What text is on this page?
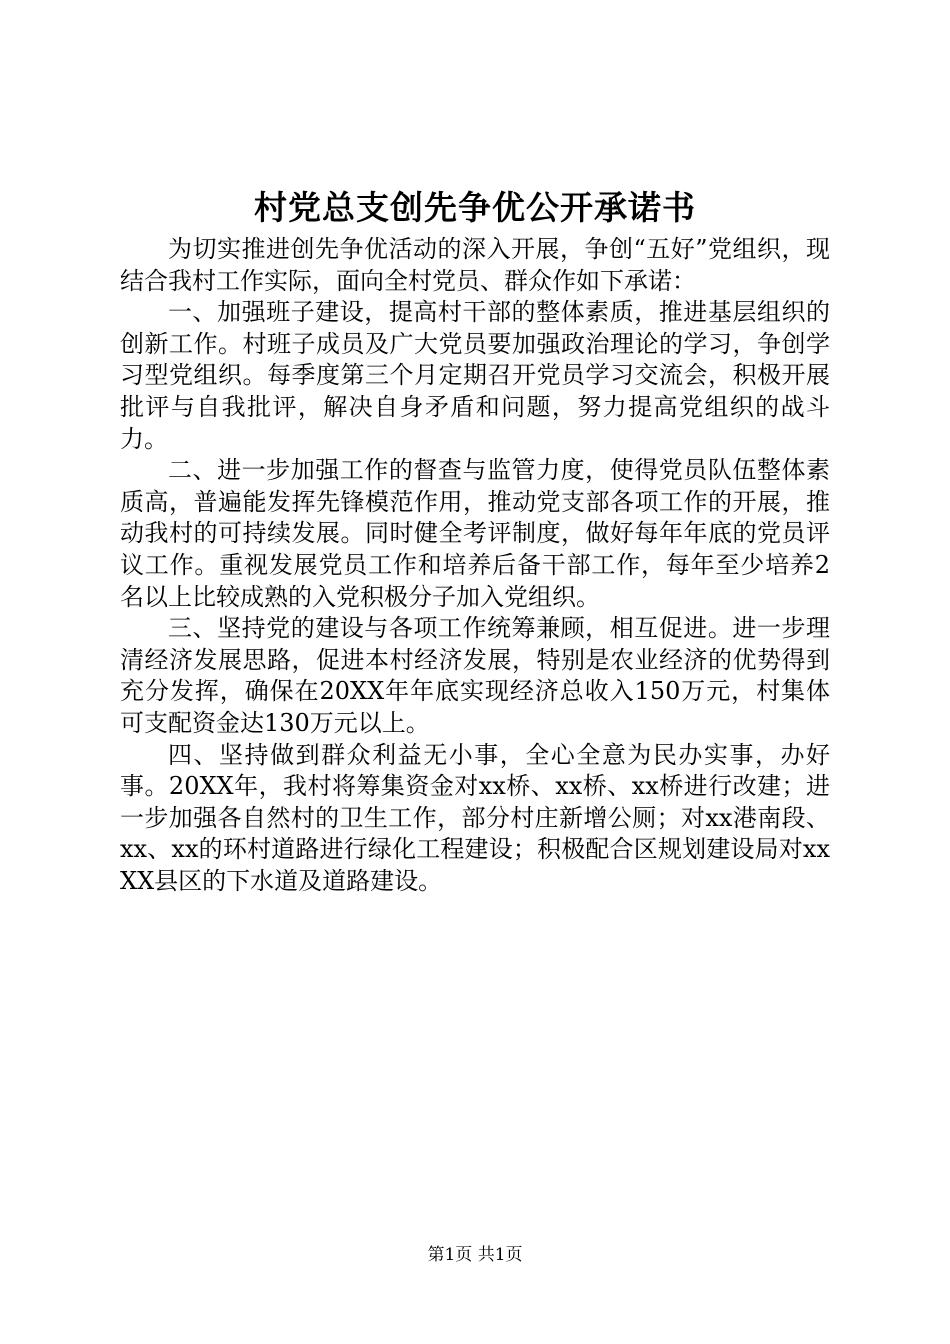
村党总支创先争优公开承诺书

为切实推进创先争优活动的深入开展，争创“五好”党组织，现结合我村工作实际，面向全村党员、群众作如下承诺：

一、加强班子建设，提高村干部的整体素质，推进基层组织的创新工作。村班子成员及广大党员要加强政治理论的学习，争创学习型党组织。每季度第三个月定期召开党员学习交流会，积极开展批评与自我批评，解决自身矛盾和问题，努力提高党组织的战斗力。

二、进一步加强工作的督查与监管力度，使得党员队伍整体素质高，普遍能发挥先锋模范作用，推动党支部各项工作的开展，推动我村的可持续发展。同时健全考评制度，做好每年年底的党员评议工作。重视发展党员工作和培养后备干部工作，每年至少培养2名以上比较成熟的入党积极分子加入党组织。

三、坚持党的建设与各项工作统筹兼顾，相互促进。进一步理清经济发展思路，促进本村经济发展，特别是农业经济的优势得到充分发挥，确保在20XX年年底实现经济总收入150万元，村集体可支配资金达130万元以上。

四、坚持做到群众利益无小事，全心全意为民办实事，办好事。20XX年，我村将筹集资金对xx桥、xx桥、xx桥进行改建；进一步加强各自然村的卫生工作，部分村庄新增公厕；对xx港南段、xx、xx的环村道路进行绿化工程建设；积极配合区规划建设局对xxXX县区的下水道及道路建设。

第1页 共1页
